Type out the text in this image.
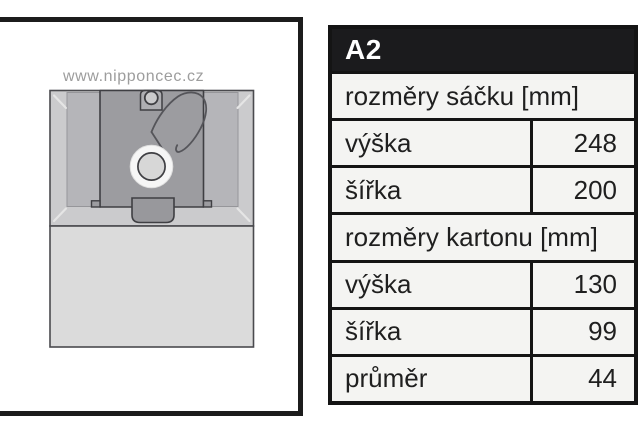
www.nipponcec.cz
A2
rozměry sáčku [mm]
výška	248
šířka	200
rozměry kartonu [mm]
výška	130
šířka	99
průměr	44
